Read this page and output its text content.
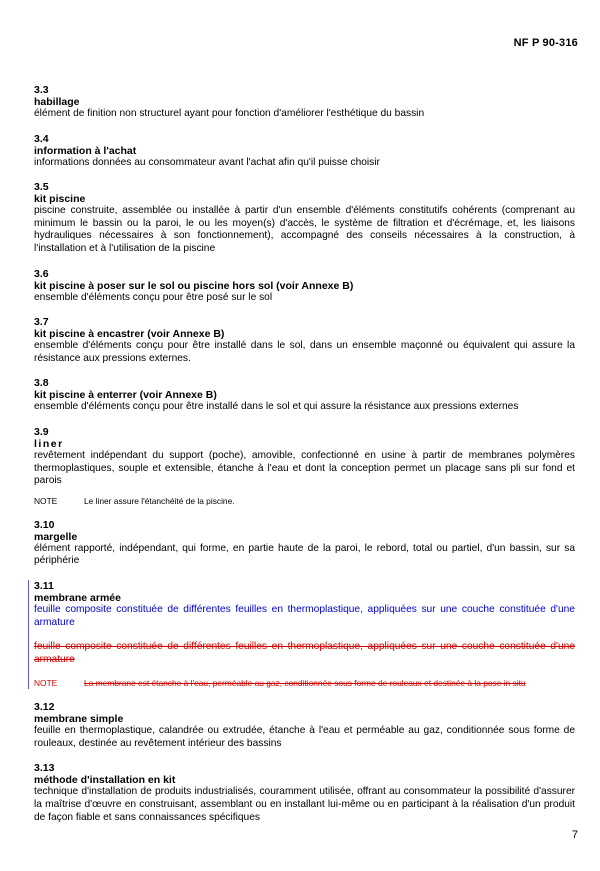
NF P 90-316
3.3
habillage
élément de finition non structurel ayant pour fonction d'améliorer l'esthétique du bassin
3.4
information à l'achat
informations données au consommateur avant l'achat afin qu'il puisse choisir
3.5
kit piscine
piscine construite, assemblée ou installée à partir d'un ensemble d'éléments constitutifs cohérents (comprenant au minimum le bassin ou la paroi, le ou les moyen(s) d'accès, le système de filtration et d'écrémage, et, les liaisons hydrauliques nécessaires à son fonctionnement), accompagné des conseils nécessaires à la construction, à l'installation et à l'utilisation de la piscine
3.6
kit piscine à poser sur le sol ou piscine hors sol (voir Annexe B)
ensemble d'éléments conçu pour être posé sur le sol
3.7
kit piscine à encastrer (voir Annexe B)
ensemble d'éléments conçu pour être installé dans le sol, dans un ensemble maçonné ou équivalent qui assure la résistance aux pressions externes.
3.8
kit piscine à enterrer (voir Annexe B)
ensemble d'éléments conçu pour être installé dans le sol et qui assure la résistance aux pressions externes
3.9
liner
revêtement indépendant du support (poche), amovible, confectionné en usine à partir de membranes polymères thermoplastiques, souple et extensible, étanche à l'eau et dont la conception permet un placage sans pli sur fond et parois
NOTE	Le liner assure l'étanchéité de la piscine.
3.10
margelle
élément rapporté, indépendant, qui forme, en partie haute de la paroi, le rebord, total ou partiel, d'un bassin, sur sa périphérie
3.11
membrane armée
feuille composite constituée de différentes feuilles en thermoplastique, appliquées sur une couche constituée d'une armature
feuille composite constituée de différentes feuilles en thermoplastique, appliquées sur une couche constituée d'une armature
NOTE	La membrane est étanche à l'eau, perméable au gaz, conditionnée sous forme de rouleaux et destinée à la pose in situ
3.12
membrane simple
feuille en thermoplastique, calandrée ou extrudée, étanche à l'eau et perméable au gaz, conditionnée sous forme de rouleaux, destinée au revêtement intérieur des bassins
3.13
méthode d'installation en kit
technique d'installation de produits industrialisés, couramment utilisée, offrant au consommateur la possibilité d'assurer la maîtrise d'œuvre en construisant, assemblant ou en installant lui-même ou en participant à la réalisation d'un produit de façon fiable et sans connaissances spécifiques
7
